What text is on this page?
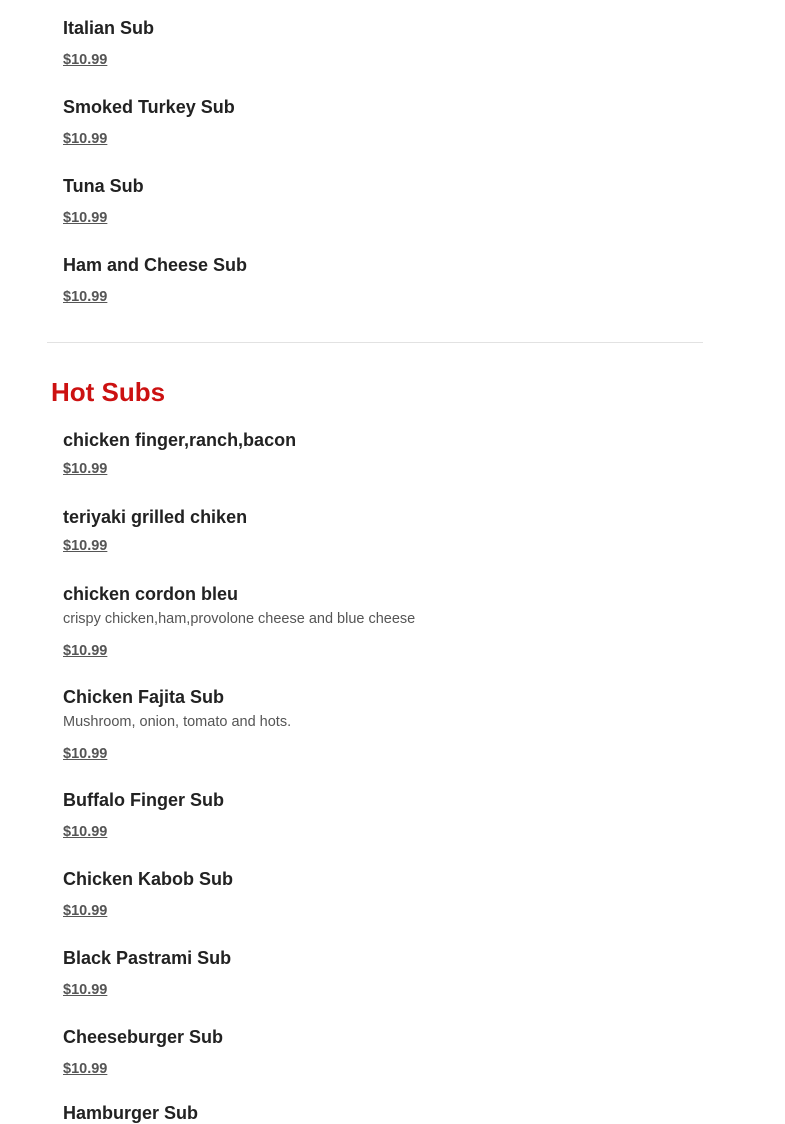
Italian Sub
$10.99
Smoked Turkey Sub
$10.99
Tuna Sub
$10.99
Ham and Cheese Sub
$10.99
Hot Subs
chicken finger,ranch,bacon
$10.99
teriyaki grilled chiken
$10.99
chicken cordon bleu
crispy chicken,ham,provolone cheese and blue cheese
$10.99
Chicken Fajita Sub
Mushroom, onion, tomato and hots.
$10.99
Buffalo Finger Sub
$10.99
Chicken Kabob Sub
$10.99
Black Pastrami Sub
$10.99
Cheeseburger Sub
$10.99
Hamburger Sub
